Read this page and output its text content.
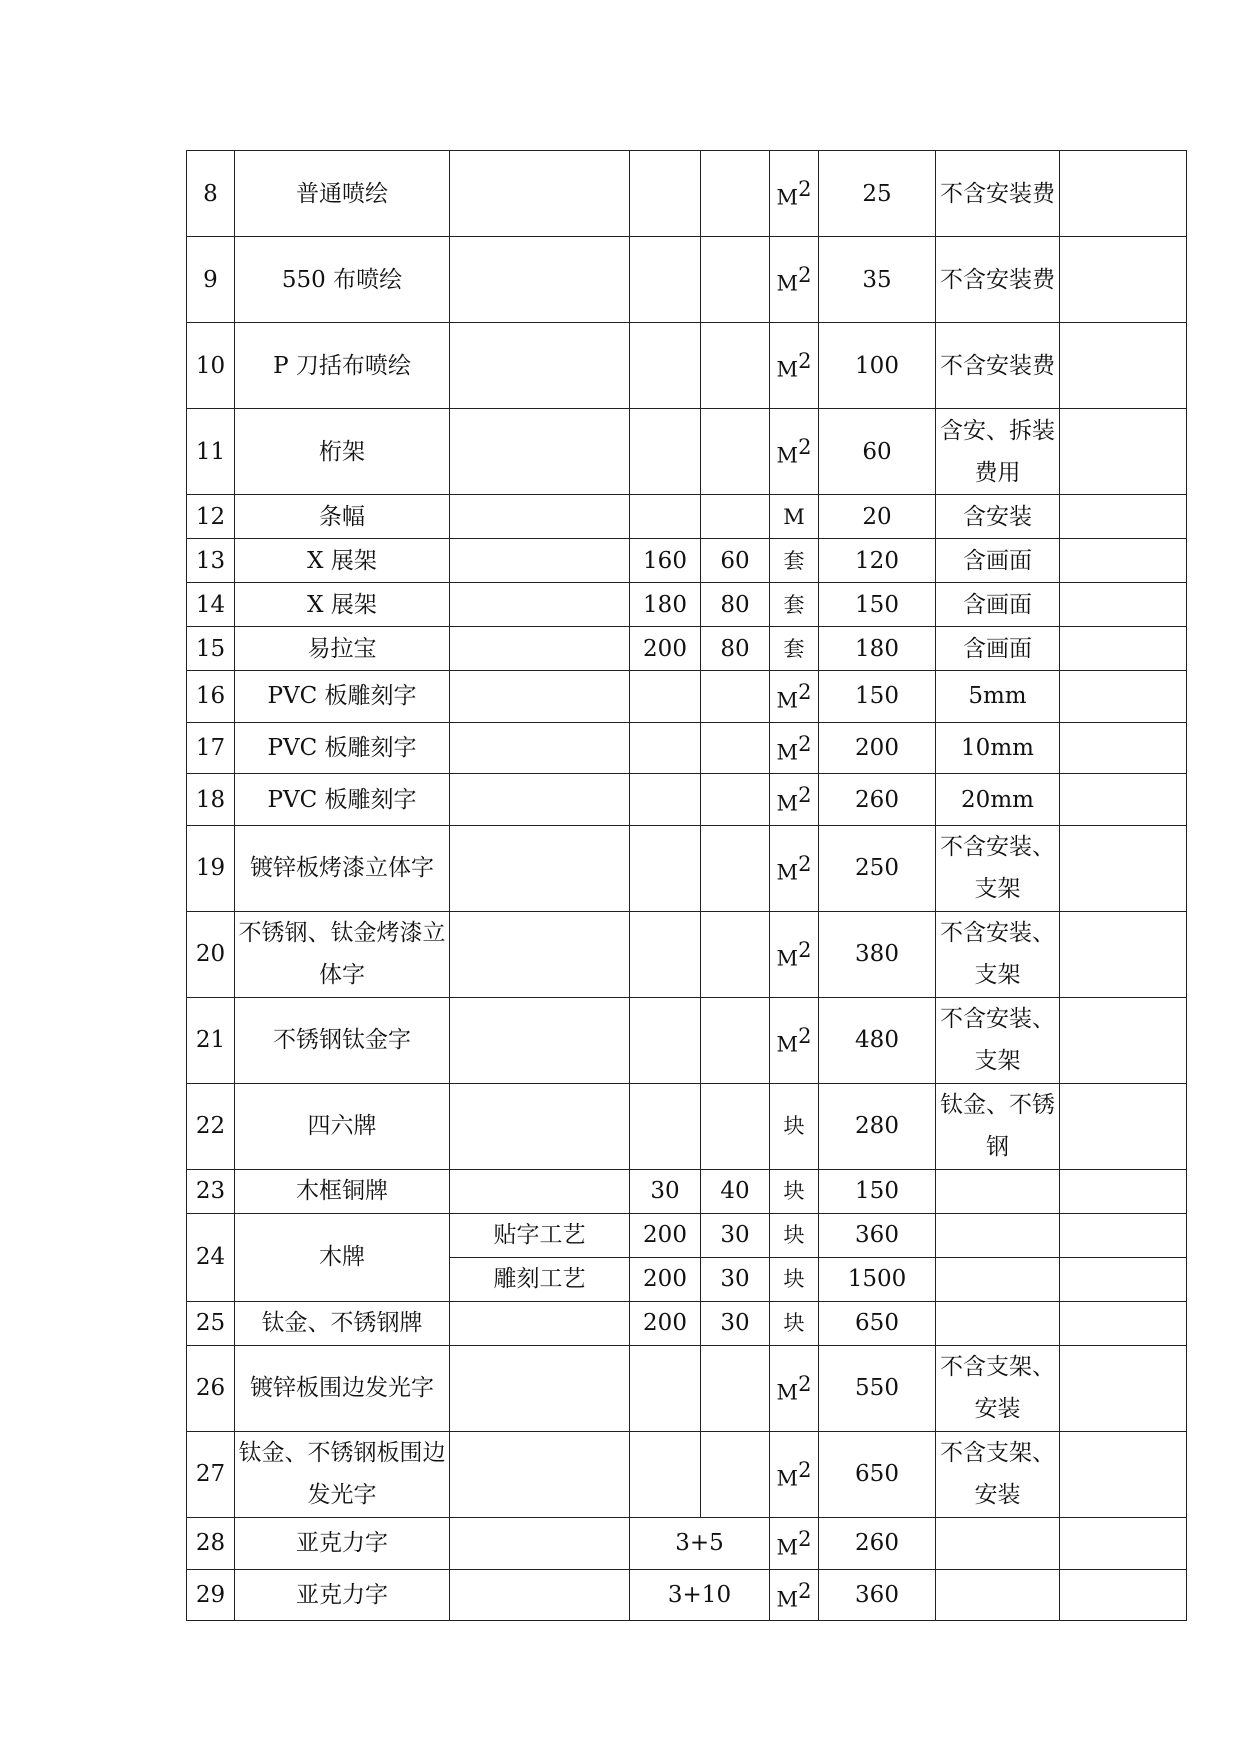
8	普通喷绘				$M^2$	25	不含安装费	
9	550 布喷绘				$M^2$	35	不含安装费	
10	P 刀括布喷绘				$M^2$	100	不含安装费	
11	桁架				$M^2$	60	含安、拆装费用	
12	条幅				M	20	含安装	
13	X 展架		160	60	套	120	含画面	
14	X 展架		180	80	套	150	含画面	
15	易拉宝		200	80	套	180	含画面	
16	PVC 板雕刻字				$M^2$	150	5mm	
17	PVC 板雕刻字				$M^2$	200	10mm	
18	PVC 板雕刻字				$M^2$	260	20mm	
19	镀锌板烤漆立体字				$M^2$	250	不含安装、支架	
20	不锈钢、钛金烤漆立体字				$M^2$	380	不含安装、支架	
21	不锈钢钛金字				$M^2$	480	不含安装、支架	
22	四六牌				块	280	钛金、不锈钢	
23	木框铜牌		30	40	块	150		
24	木牌	贴字工艺	200	30	块	360		
		雕刻工艺	200	30	块	1500		
25	钛金、不锈钢牌		200	30	块	650		
26	镀锌板围边发光字				$M^2$	550	不含支架、安装	
27	钛金、不锈钢板围边发光字				$M^2$	650	不含支架、安装	
28	亚克力字		3+5		$M^2$	260		
29	亚克力字		3+10		$M^2$	360		
